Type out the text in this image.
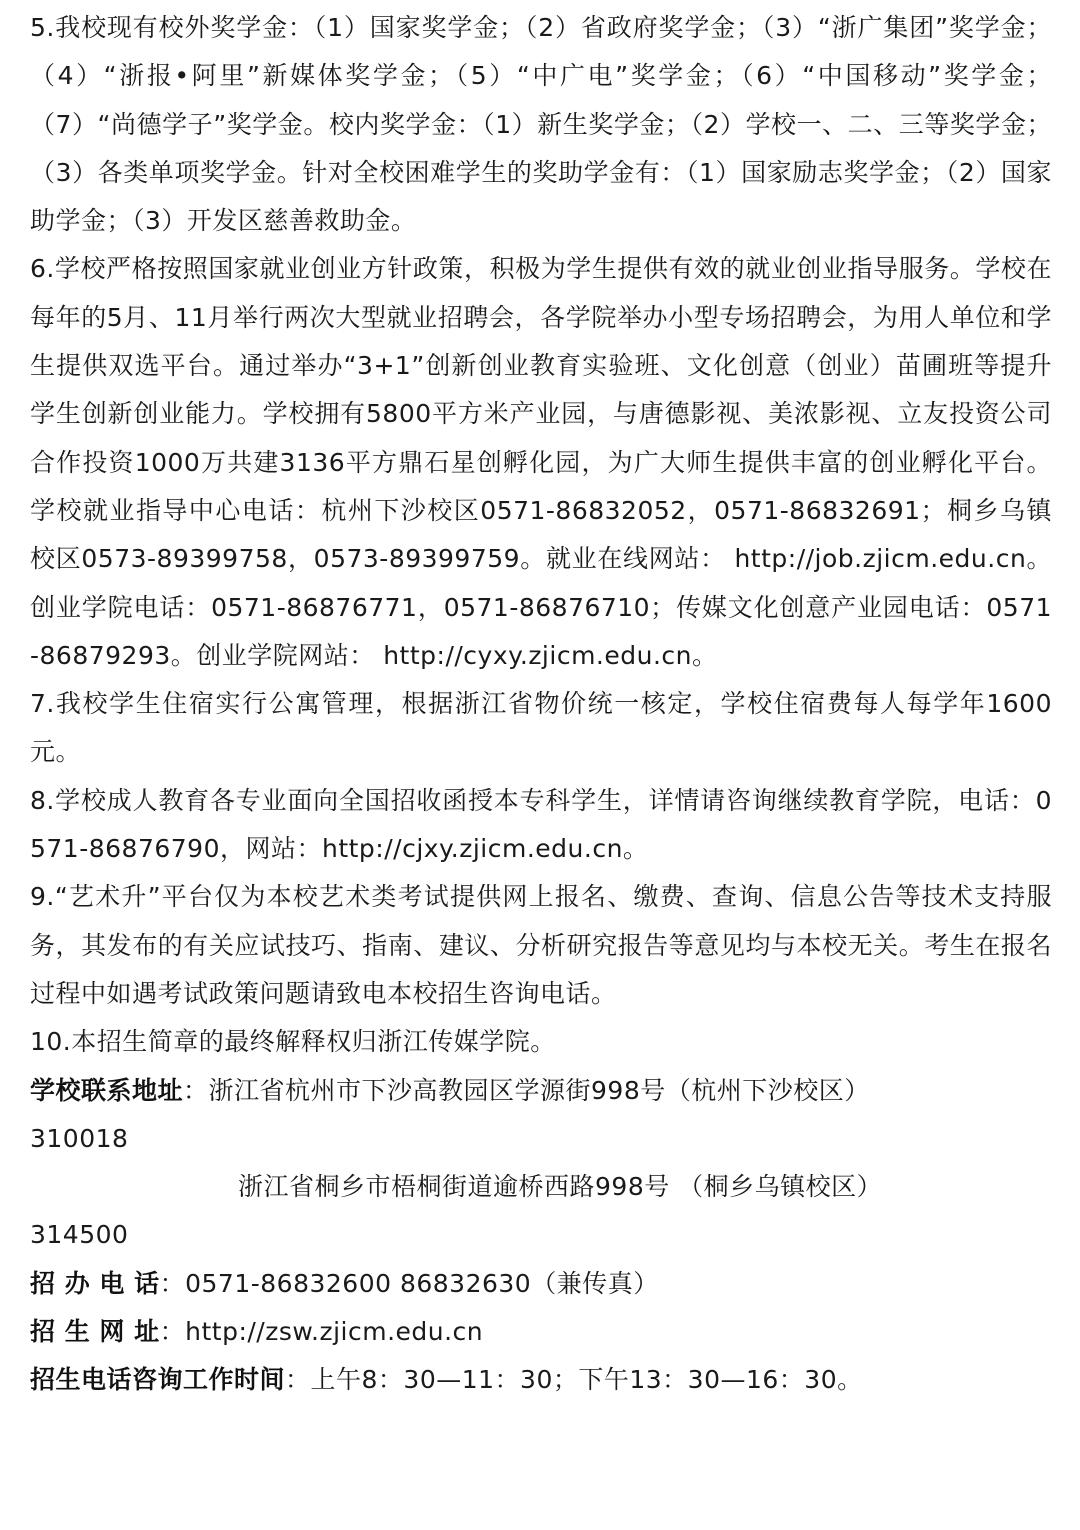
5.我校现有校外奖学金：（1）国家奖学金；（2）省政府奖学金；（3）“浙广集团”奖学金；（4）“浙报•阿里”新媒体奖学金；（5）“中广电”奖学金；（6）“中国移动”奖学金；（7）“尚德学子”奖学金。校内奖学金：（1）新生奖学金；（2）学校一、二、三等奖学金；（3）各类单项奖学金。针对全校困难学生的奖助学金有：（1）国家励志奖学金；（2）国家助学金；（3）开发区慈善救助金。

6.学校严格按照国家就业创业方针政策，积极为学生提供有效的就业创业指导服务。学校在每年的5月、11月举行两次大型就业招聘会，各学院举办小型专场招聘会，为用人单位和学生提供双选平台。通过举办“3+1”创新创业教育实验班、文化创意（创业）苗圃班等提升学生创新创业能力。学校拥有5800平方米产业园，与唐德影视、美浓影视、立友投资公司合作投资1000万共建3136平方鼎石星创孵化园，为广大师生提供丰富的创业孵化平台。学校就业指导中心电话：杭州下沙校区0571-86832052，0571-86832691；桐乡乌镇校区0573-89399758，0573-89399759。就业在线网站： http://job.zjicm.edu.cn。创业学院电话：0571-86876771，0571-86876710；传媒文化创意产业园电话：0571-86879293。创业学院网站： http://cyxy.zjicm.edu.cn。

7.我校学生住宿实行公寓管理，根据浙江省物价统一核定，学校住宿费每人每学年1600元。

8.学校成人教育各专业面向全国招收函授本专科学生，详情请咨询继续教育学院，电话：0571-86876790，网站：http://cjxy.zjicm.edu.cn。

9.“艺术升”平台仅为本校艺术类考试提供网上报名、缴费、查询、信息公告等技术支持服务，其发布的有关应试技巧、指南、建议、分析研究报告等意见均与本校无关。考生在报名过程中如遇考试政策问题请致电本校招生咨询电话。

10.本招生简章的最终解释权归浙江传媒学院。

学校联系地址：浙江省杭州市下沙高教园区学源街998号（杭州下沙校区）

310018

浙江省桐乡市梧桐街道逾桥西路998号 （桐乡乌镇校区）

314500

招 办 电 话：0571-86832600 86832630（兼传真）

招 生 网 址：http://zsw.zjicm.edu.cn

招生电话咨询工作时间：上午8：30—11：30；下午13：30—16：30。
